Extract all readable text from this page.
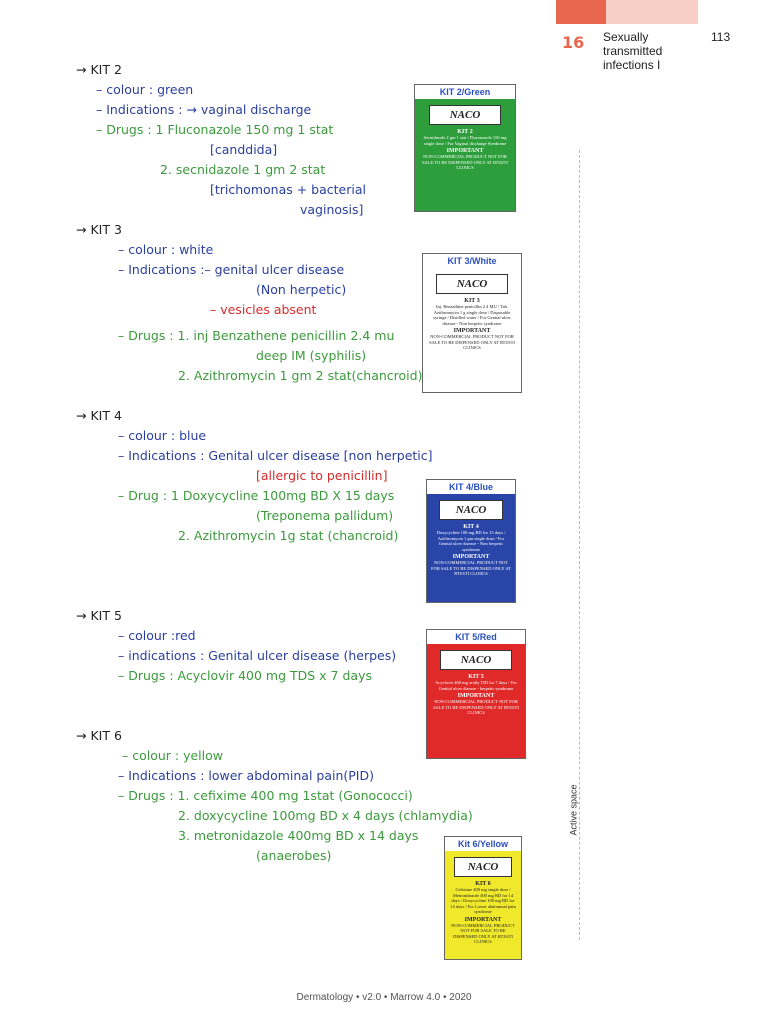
16 Sexually
transmitted
infections I
113
Active space
→ KIT 2
– colour : green
– Indications : → vaginal discharge
– Drugs : 1 Fluconazole 150 mg 1 stat
[canddida]
2. secnidazole 1 gm 2 stat
[trichomonas + bacterial
vaginosis]
→ KIT 3
– colour : white
– Indications :– genital ulcer disease
(Non herpetic)
– vesicles absent
– Drugs : 1. inj Benzathene penicillin 2.4 mu
deep IM (syphilis)
2. Azithromycin 1 gm 2 stat(chancroid)
→ KIT 4
– colour : blue
– Indications : Genital ulcer disease [non herpetic]
[allergic to penicillin]
– Drug : 1 Doxycycline 100mg BD X 15 days
(Treponema pallidum)
2. Azithromycin 1g stat (chancroid)
→ KIT 5
– colour :red
– indications : Genital ulcer disease (herpes)
– Drugs : Acyclovir 400 mg TDS x 7 days
→ KIT 6
– colour : yellow
– Indications : lower abdominal pain(PID)
– Drugs : 1. cefixime 400 mg 1stat (Gonococci)
2. doxycycline 100mg BD x 4 days (chlamydia)
3. metronidazole 400mg BD x 14 days
(anaerobes)
KIT 2/Green
NACO
KIT 2
Secnidazole 2 gm 1 stat / Fluconazole 150 mg single dose / For Vaginal discharge Syndrome
IMPORTANT
NON-COMMERCIAL PRODUCT NOT FOR SALE TO BE DISPENSED ONLY AT RTI/STI CLINICS
KIT 3/White
NACO
KIT 3
Inj. Benzathine penicillin 2.4 MU / Tab. Azithromycin 1 g single dose / Disposable syringe / Distilled water / For Genital ulcer disease - Non herpetic syndrome
IMPORTANT
NON-COMMERCIAL PRODUCT NOT FOR SALE TO BE DISPENSED ONLY AT RTI/STI CLINICS
KIT 4/Blue
NACO
KIT 4
Doxycycline 100 mg BD for 15 days / Azithromycin 1 gm single dose / For Genital ulcer disease - Non herpetic syndrome
IMPORTANT
NON-COMMERCIAL PRODUCT NOT FOR SALE TO BE DISPENSED ONLY AT RTI/STI CLINICS
KIT 5/Red
NACO
KIT 5
Acyclovir 400 mg orally TID for 7 days / For Genital ulcer disease - herpetic syndrome
IMPORTANT
NON-COMMERCIAL PRODUCT NOT FOR SALE TO BE DISPENSED ONLY AT RTI/STI CLINICS
Kit 6/Yellow
NACO
KIT 6
Cefixime 400 mg single dose / Metronidazole 400 mg BD for 14 days / Doxycycline 100 mg BD for 14 days / For Lower abdominal pain syndrome
IMPORTANT
NON-COMMERCIAL PRODUCT NOT FOR SALE TO BE DISPENSED ONLY AT RTI/STI CLINICS
Dermatology • v2.0 • Marrow 4.0 • 2020
